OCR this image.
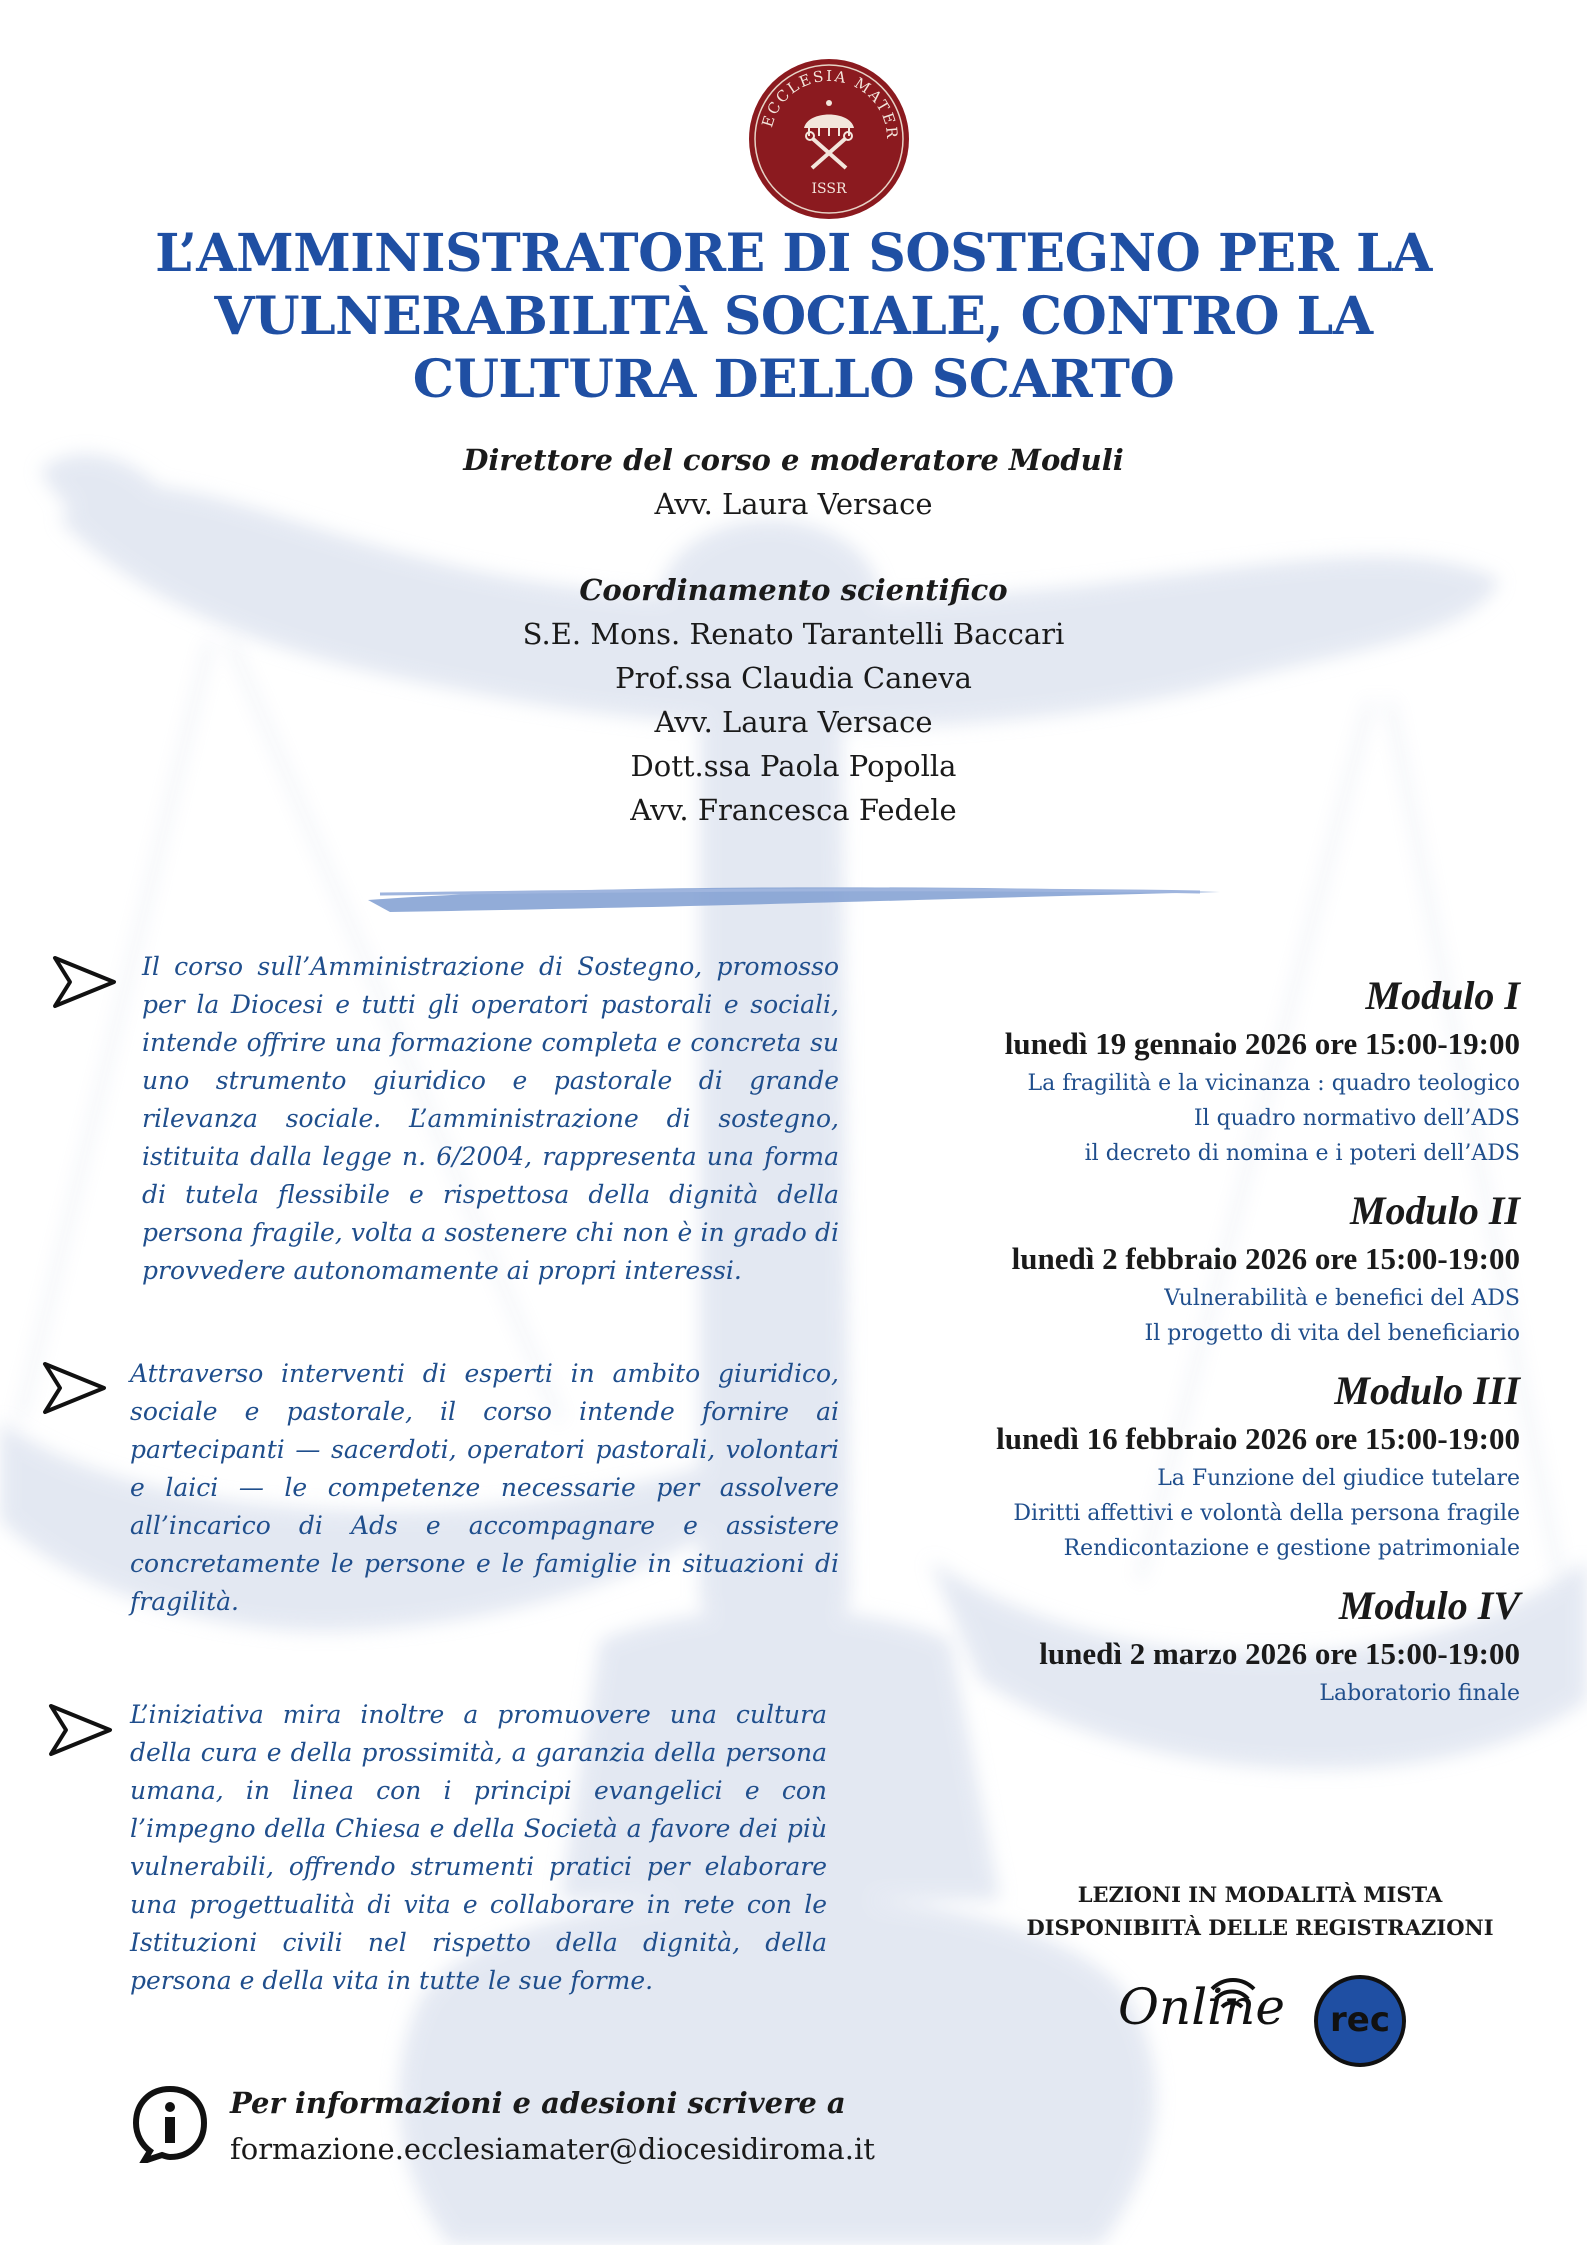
ECCLESIA MATER
ISSR
L’AMMINISTRATORE DI SOSTEGNO PER LA
VULNERABILITÀ SOCIALE, CONTRO LA
CULTURA DELLO SCARTO
Direttore del corso e moderatore Moduli
Avv. Laura Versace
Coordinamento scientifico
S.E. Mons. Renato Tarantelli Baccari
Prof.ssa Claudia Caneva
Avv. Laura Versace
Dott.ssa Paola Popolla
Avv. Francesca Fedele
Il corso sull’Amministrazione di Sostegno, promosso per la Diocesi e tutti gli operatori pastorali e sociali, intende offrire una formazione completa e concreta su uno strumento giuridico e pastorale di grande rilevanza sociale. L’amministrazione di sostegno, istituita dalla legge n. 6/2004, rappresenta una forma di tutela flessibile e rispettosa della dignità della persona fragile, volta a sostenere chi non è in grado di provvedere autonomamente ai propri interessi.
Attraverso interventi di esperti in ambito giuridico, sociale e pastorale, il corso intende fornire ai partecipanti — sacerdoti, operatori pastorali, volontari e laici — le competenze necessarie per assolvere all’incarico di Ads e accompagnare e assistere concretamente le persone e le famiglie in situazioni di fragilità.
L’iniziativa mira inoltre a promuovere una cultura della cura e della prossimità, a garanzia della persona umana, in linea con i principi evangelici e con l’impegno della Chiesa e della Società a favore dei più vulnerabili, offrendo strumenti pratici per elaborare una progettualità di vita e collaborare in rete con le Istituzioni civili nel rispetto della dignità, della persona e della vita in tutte le sue forme.
Modulo I
lunedì 19 gennaio 2026 ore 15:00-19:00
La fragilità e la vicinanza : quadro teologico
Il quadro normativo dell’ADS
il decreto di nomina e i poteri dell’ADS
Modulo II
lunedì 2 febbraio 2026 ore 15:00-19:00
Vulnerabilità e benefici del ADS
Il progetto di vita del beneficiario
Modulo III
lunedì 16 febbraio 2026 ore 15:00-19:00
La Funzione del giudice tutelare
Diritti affettivi e volontà della persona fragile
Rendicontazione e gestione patrimoniale
Modulo IV
lunedì 2 marzo 2026 ore 15:00-19:00
Laboratorio finale
LEZIONI IN MODALITÀ MISTA
DISPONIBIITÀ DELLE REGISTRAZIONI
Online	rec
Per informazioni e adesioni scrivere a
formazione.ecclesiamater@diocesidiroma.it
